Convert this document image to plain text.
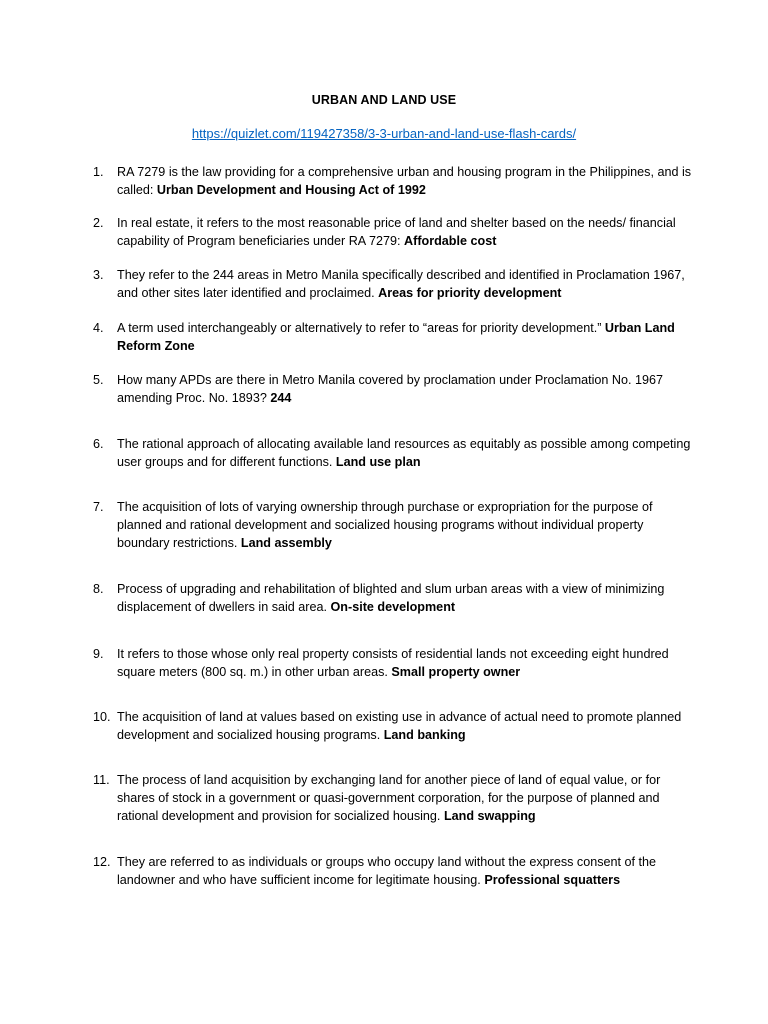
URBAN AND LAND USE
https://quizlet.com/119427358/3-3-urban-and-land-use-flash-cards/
1.	RA 7279 is the law providing for a comprehensive urban and housing program in the Philippines, and is called: Urban Development and Housing Act of 1992
2.	In real estate, it refers to the most reasonable price of land and shelter based on the needs/ financial capability of Program beneficiaries under RA 7279: Affordable cost
3.	They refer to the 244 areas in Metro Manila specifically described and identified in Proclamation 1967, and other sites later identified and proclaimed. Areas for priority development
4.	A term used interchangeably or alternatively to refer to “areas for priority development.” Urban Land Reform Zone
5.	How many APDs are there in Metro Manila covered by proclamation under Proclamation No. 1967 amending Proc. No. 1893? 244
6.	The rational approach of allocating available land resources as equitably as possible among competing user groups and for different functions. Land use plan
7.	The acquisition of lots of varying ownership through purchase or expropriation for the purpose of planned and rational development and socialized housing programs without individual property boundary restrictions. Land assembly
8.	Process of upgrading and rehabilitation of blighted and slum urban areas with a view of minimizing displacement of dwellers in said area. On-site development
9.	It refers to those whose only real property consists of residential lands not exceeding eight hundred square meters (800 sq. m.) in other urban areas. Small property owner
10. The acquisition of land at values based on existing use in advance of actual need to promote planned development and socialized housing programs. Land banking
11. The process of land acquisition by exchanging land for another piece of land of equal value, or for shares of stock in a government or quasi-government corporation, for the purpose of planned and rational development and provision for socialized housing. Land swapping
12. They are referred to as individuals or groups who occupy land without the express consent of the landowner and who have sufficient income for legitimate housing. Professional squatters
